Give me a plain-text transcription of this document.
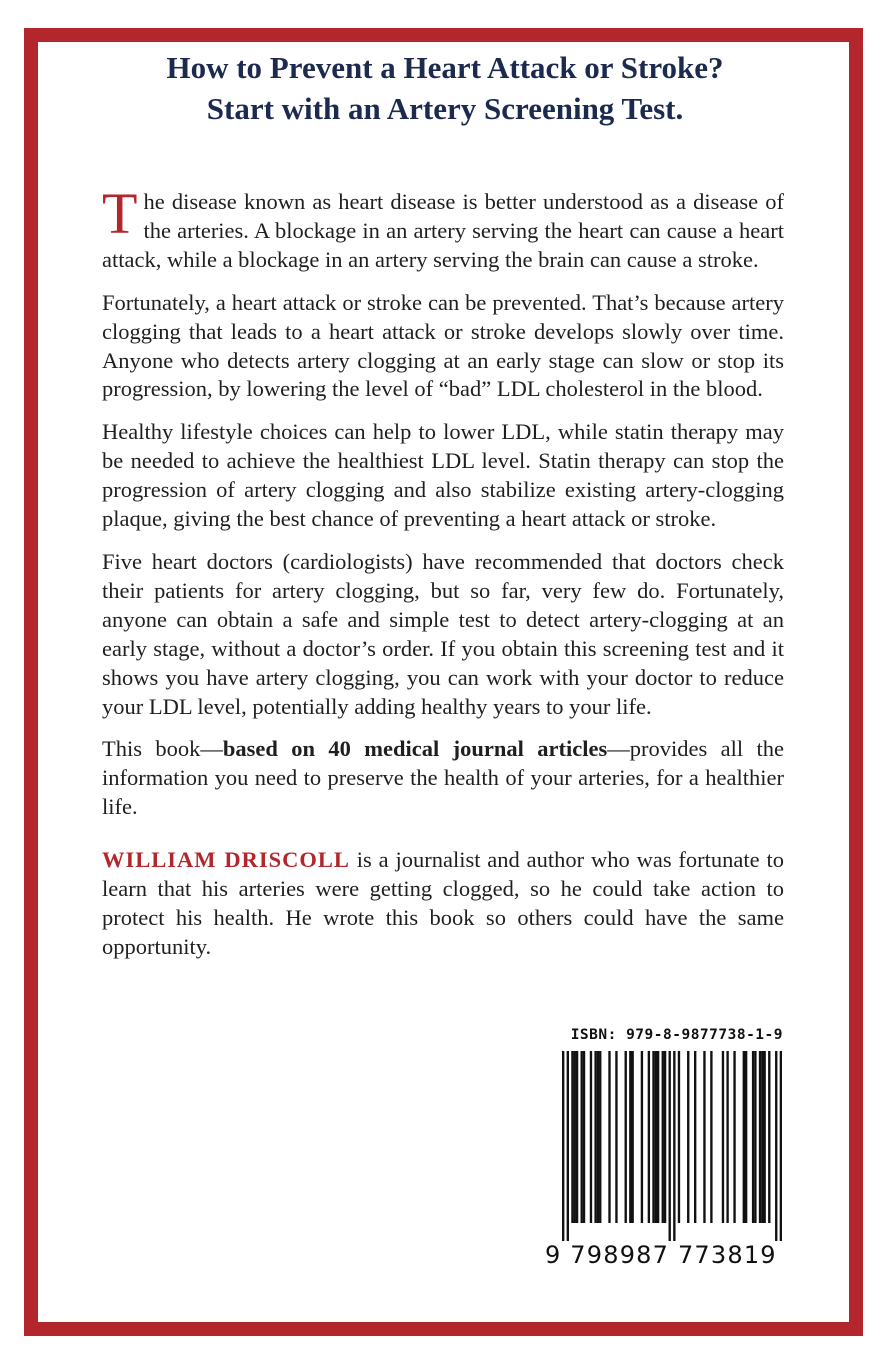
How to Prevent a Heart Attack or Stroke?
Start with an Artery Screening Test.

The disease known as heart disease is better understood as a disease of the arteries. A blockage in an artery serving the heart can cause a heart attack, while a blockage in an artery serving the brain can cause a stroke.

Fortunately, a heart attack or stroke can be prevented. That’s because artery clogging that leads to a heart attack or stroke develops slowly over time. Anyone who detects artery clogging at an early stage can slow or stop its progression, by lowering the level of “bad” LDL cholesterol in the blood.

Healthy lifestyle choices can help to lower LDL, while statin therapy may be needed to achieve the healthiest LDL level. Statin therapy can stop the progression of artery clogging and also stabilize existing artery-clogging plaque, giving the best chance of preventing a heart attack or stroke.

Five heart doctors (cardiologists) have recommended that doctors check their patients for artery clogging, but so far, very few do. Fortunately, anyone can obtain a safe and simple test to detect artery-clogging at an early stage, without a doctor’s order. If you obtain this screening test and it shows you have artery clogging, you can work with your doctor to reduce your LDL level, potentially adding healthy years to your life.

This book—based on 40 medical journal articles—provides all the information you need to preserve the health of your arteries, for a healthier life.

WILLIAM DRISCOLL is a journalist and author who was fortunate to learn that his arteries were getting clogged, so he could take action to protect his health. He wrote this book so others could have the same opportunity.

ISBN: 979-8-9877738-1-9
9 798987 773819
